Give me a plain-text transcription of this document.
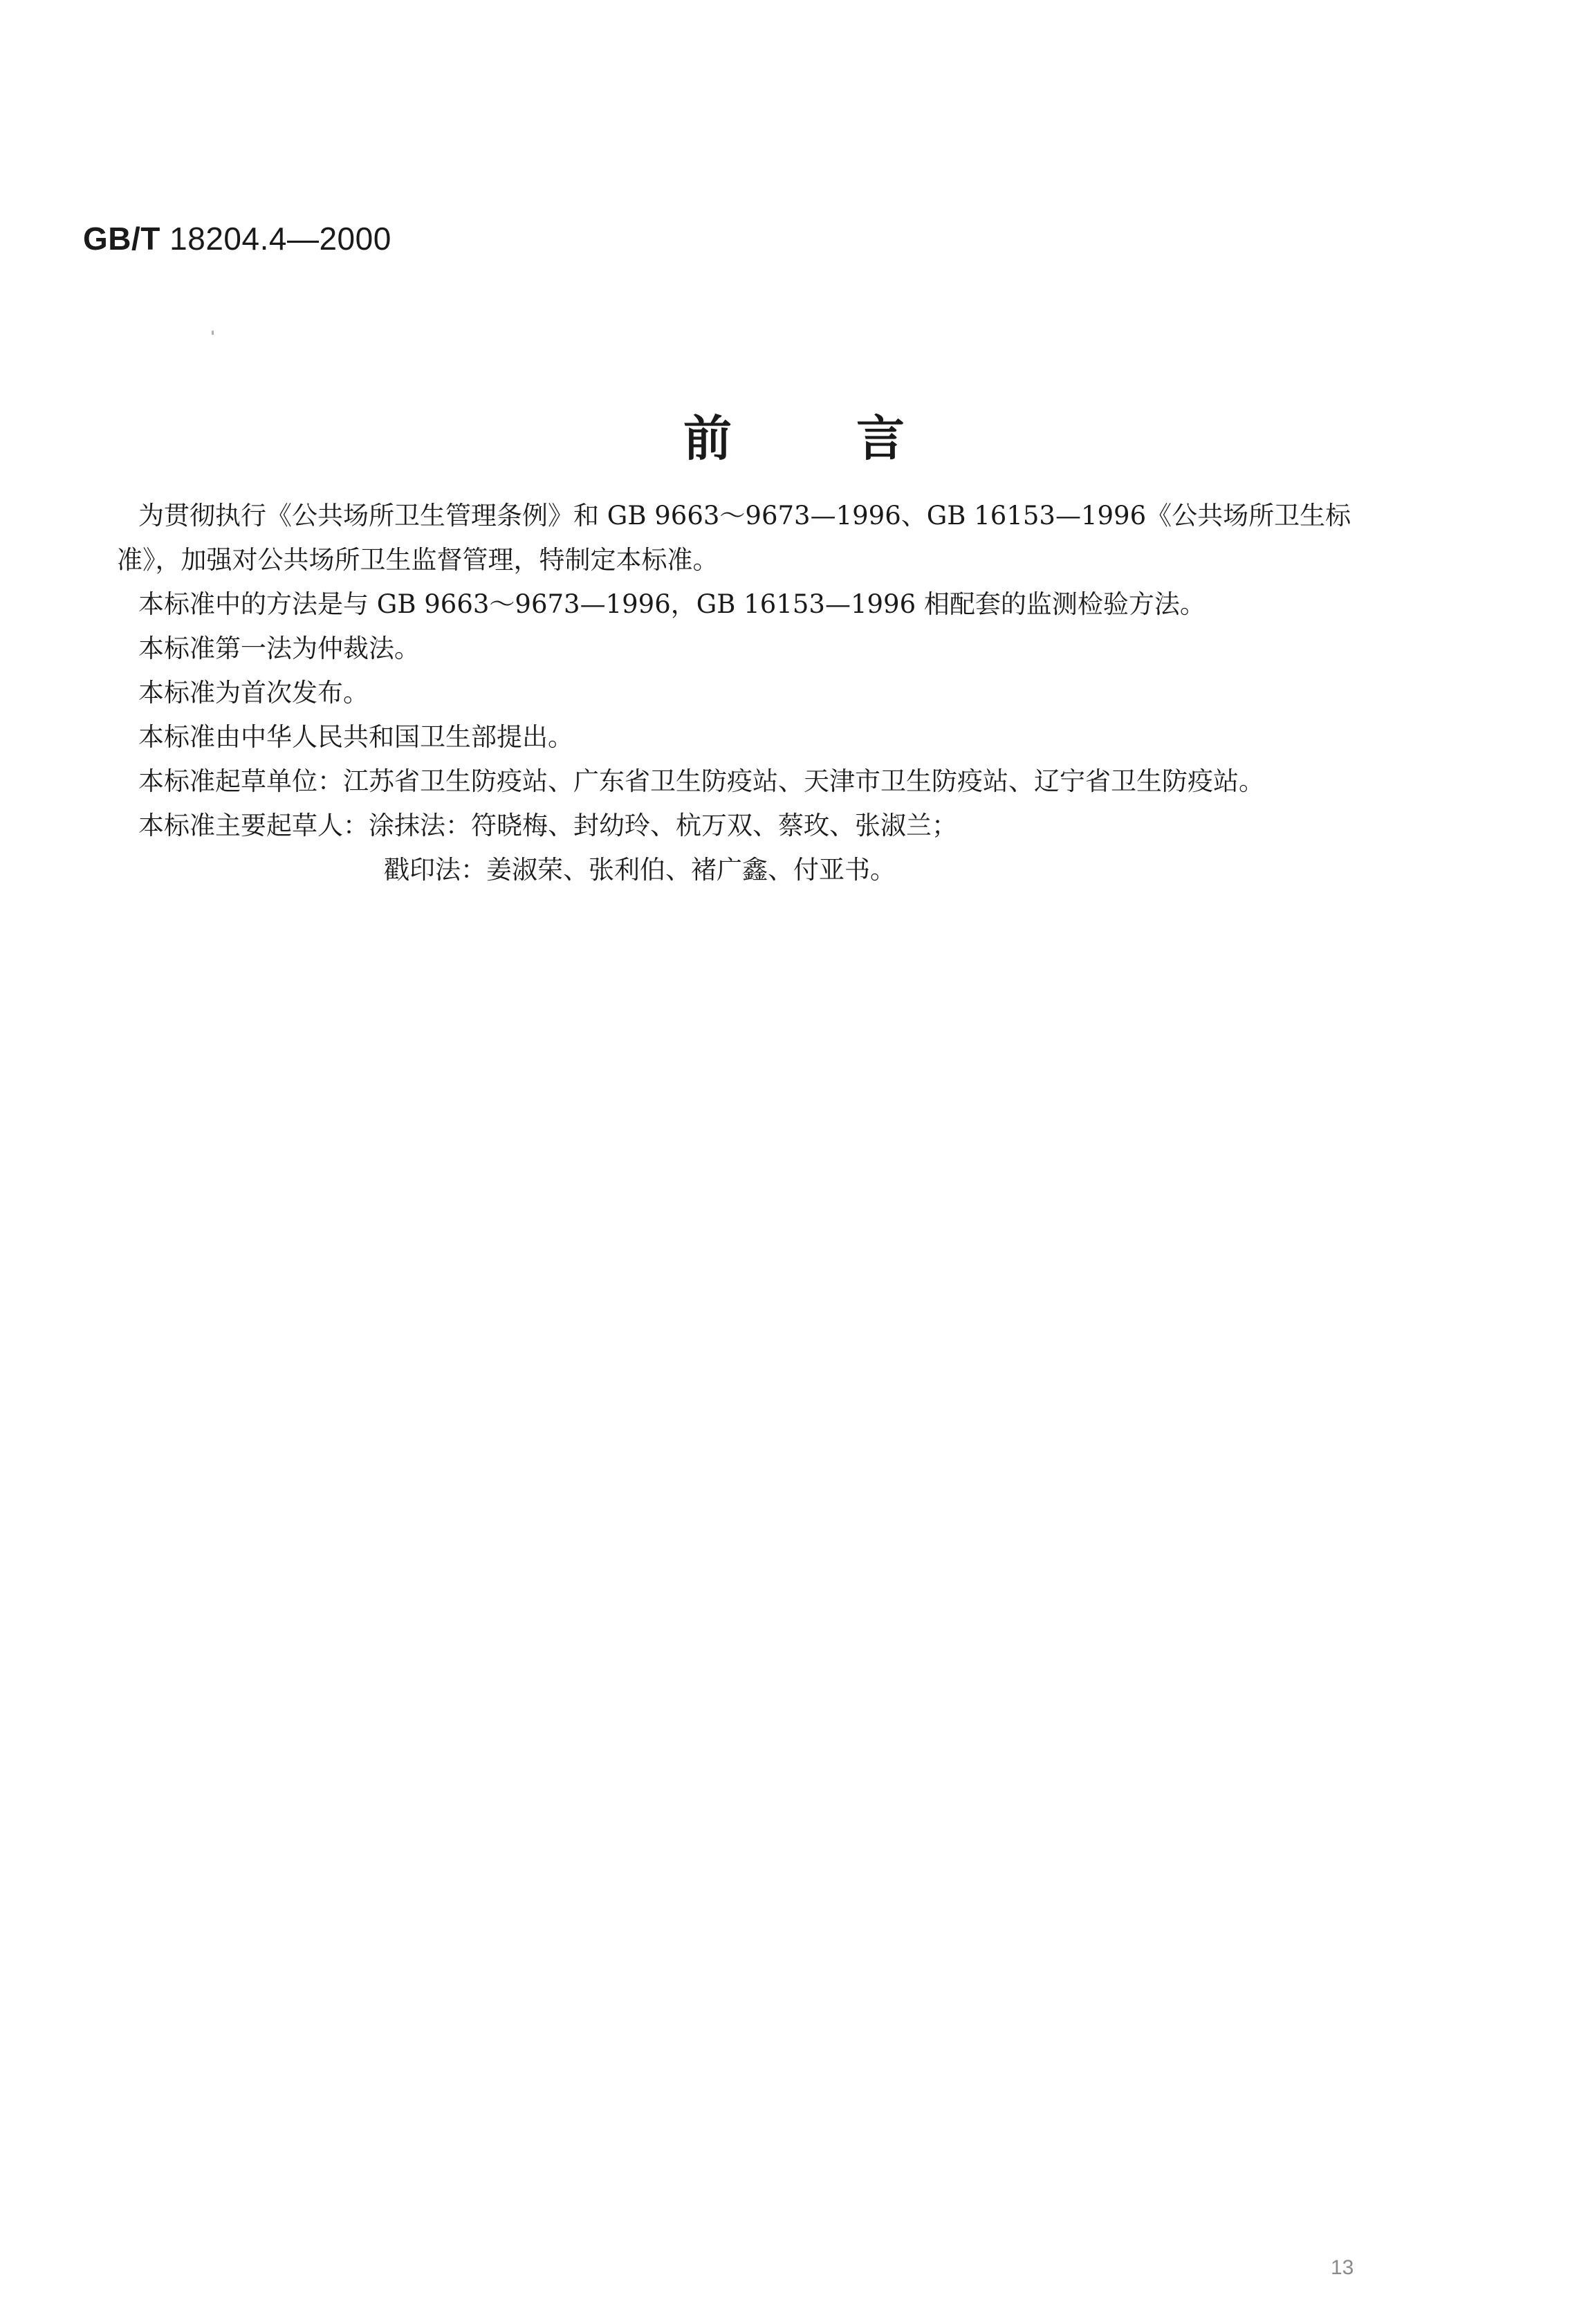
GB/T 18204.4—2000
前言

为贯彻执行《公共场所卫生管理条例》和 GB 9663～9673—1996、GB 16153—1996《公共场所卫生标

准》，加强对公共场所卫生监督管理，特制定本标准。

本标准中的方法是与 GB 9663～9673—1996，GB 16153—1996 相配套的监测检验方法。

本标准第一法为仲裁法。

本标准为首次发布。

本标准由中华人民共和国卫生部提出。

本标准起草单位：江苏省卫生防疫站、广东省卫生防疫站、天津市卫生防疫站、辽宁省卫生防疫站。

本标准主要起草人：涂抹法：符晓梅、封幼玲、杭万双、蔡玫、张淑兰；

戳印法：姜淑荣、张利伯、褚广鑫、付亚书。

13
